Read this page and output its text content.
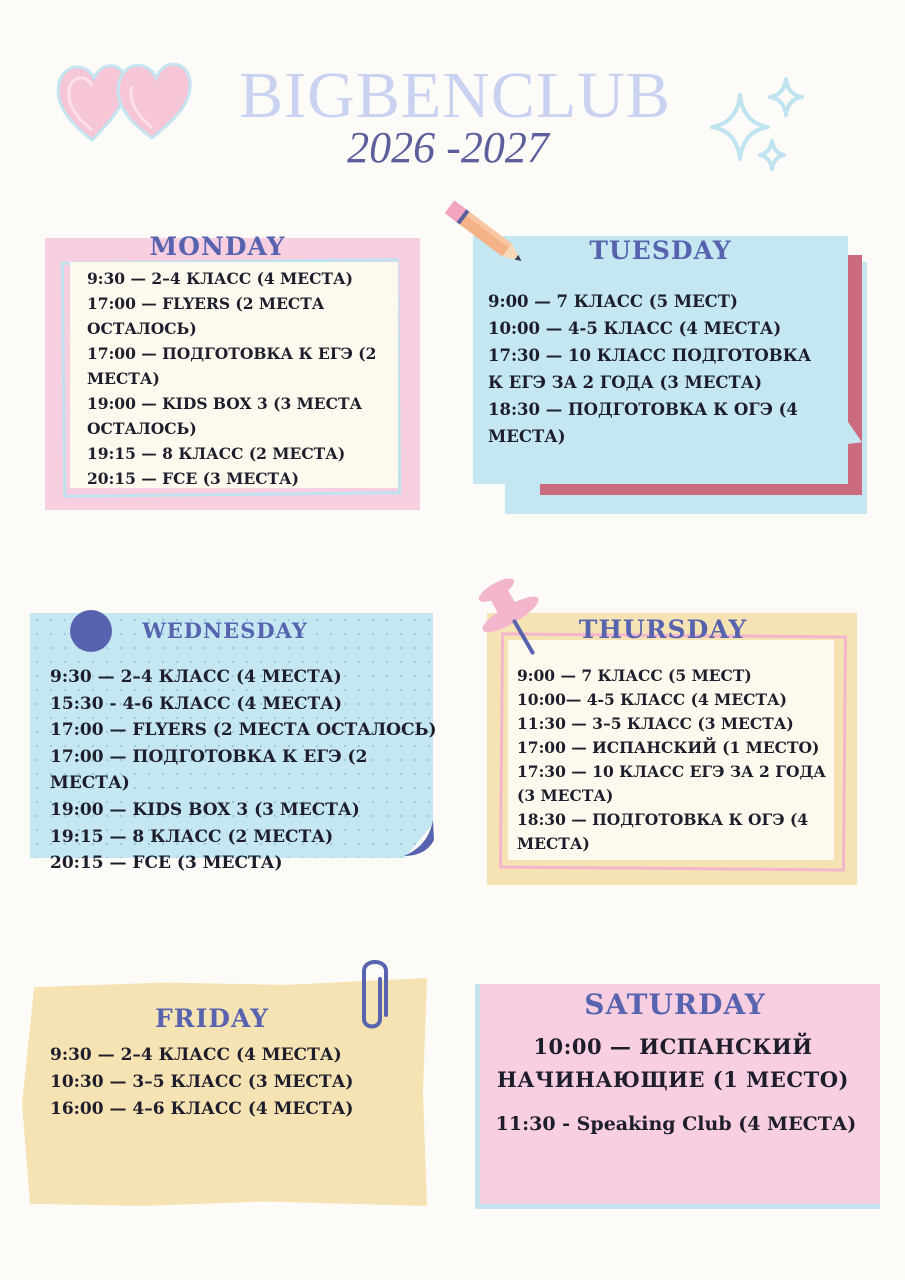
BIGBENCLUB
2026 -2027
MONDAY
9:30 — 2–4 КЛАСС (4 МЕСТА)
17:00 — FLYERS (2 МЕСТА ОСТАЛОСЬ)
17:00 — ПОДГОТОВКА К ЕГЭ (2 МЕСТА)
19:00 — KIDS BOX 3 (3 МЕСТА ОСТАЛОСЬ)
19:15 — 8 КЛАСС (2 МЕСТА)
20:15 — FCE (3 МЕСТА)
TUESDAY
9:00 — 7 КЛАСС (5 МЕСТ)
10:00 — 4-5 КЛАСС (4 МЕСТА)
17:30 — 10 КЛАСС ПОДГОТОВКА К ЕГЭ ЗА 2 ГОДА (3 МЕСТА)
18:30 — ПОДГОТОВКА К ОГЭ (4 МЕСТА)
WEDNESDAY
9:30 — 2–4 КЛАСС (4 МЕСТА)
15:30 - 4-6 КЛАСС (4 МЕСТА)
17:00 — FLYERS (2 МЕСТА ОСТАЛОСЬ)
17:00 — ПОДГОТОВКА К ЕГЭ (2 МЕСТА)
19:00 — KIDS BOX 3 (3 МЕСТА)
19:15 — 8 КЛАСС (2 МЕСТА)
20:15 — FCE (3 МЕСТА)
THURSDAY
9:00 — 7 КЛАСС (5 МЕСТ)
10:00— 4-5 КЛАСС (4 МЕСТА)
11:30 — 3–5 КЛАСС (3 МЕСТА)
17:00 — ИСПАНСКИЙ (1 МЕСТО)
17:30 — 10 КЛАСС ЕГЭ ЗА 2 ГОДА (3 МЕСТА)
18:30 — ПОДГОТОВКА К ОГЭ (4 МЕСТА)
FRIDAY
9:30 — 2–4 КЛАСС (4 МЕСТА)
10:30 — 3–5 КЛАСС (3 МЕСТА)
16:00 — 4–6 КЛАСС (4 МЕСТА)
SATURDAY
10:00 — ИСПАНСКИЙ НАЧИНАЮЩИЕ (1 МЕСТО)
11:30 - Speaking Club (4 МЕСТА)
